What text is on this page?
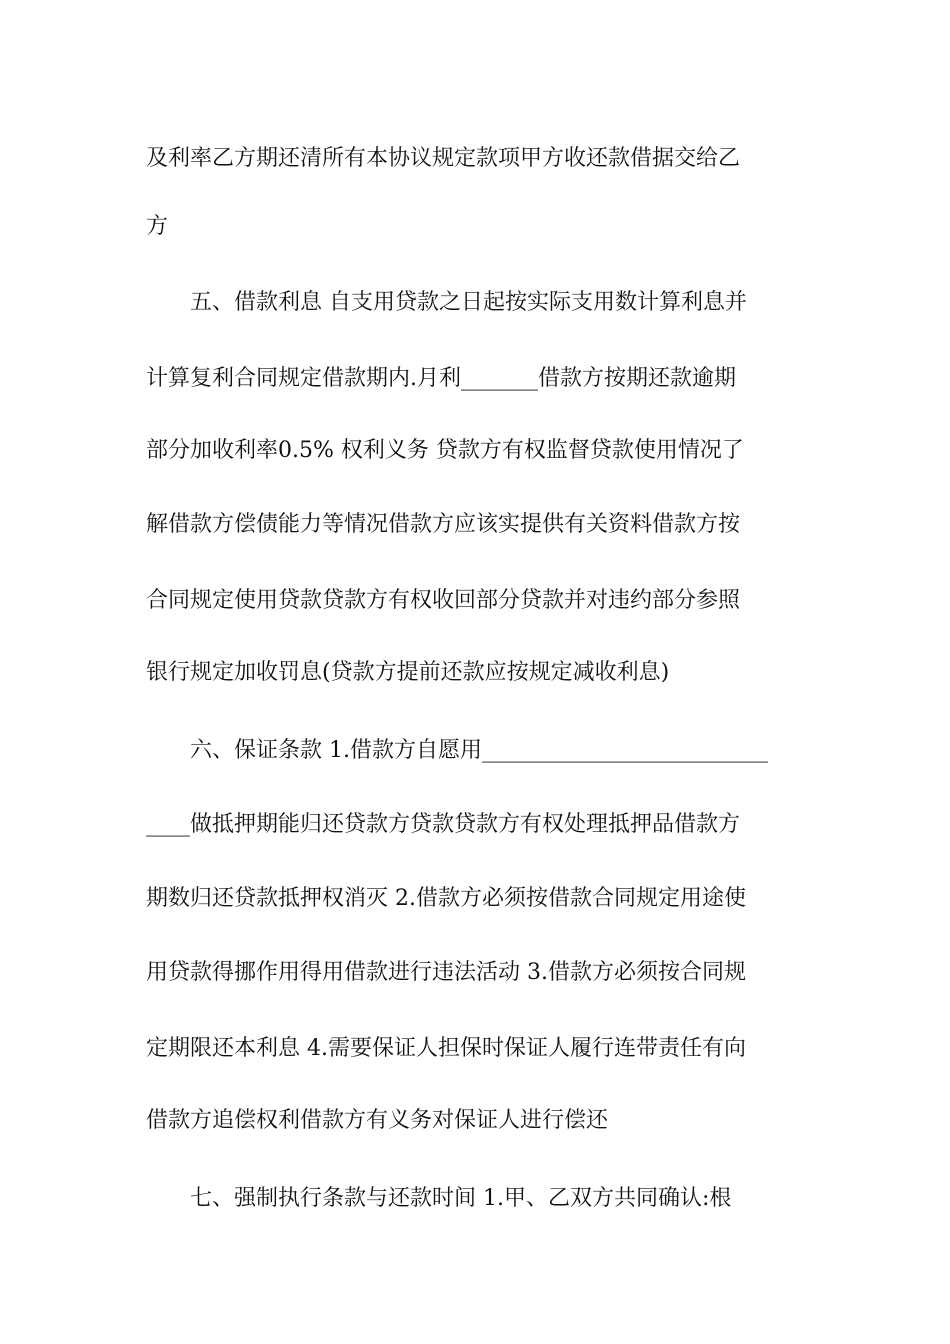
及利率乙方期还清所有本协议规定款项甲方收还款借据交给乙
方
五、借款利息 自支用贷款之日起按实际支用数计算利息并
计算复利合同规定借款期内.月利_______借款方按期还款逾期
部分加收利率0.5% 权利义务 贷款方有权监督贷款使用情况了
解借款方偿债能力等情况借款方应该实提供有关资料借款方按
合同规定使用贷款贷款方有权收回部分贷款并对违约部分参照
银行规定加收罚息(贷款方提前还款应按规定减收利息)
六、保证条款 1.借款方自愿用__________________________
____做抵押期能归还贷款方贷款贷款方有权处理抵押品借款方
期数归还贷款抵押权消灭 2.借款方必须按借款合同规定用途使
用贷款得挪作用得用借款进行违法活动 3.借款方必须按合同规
定期限还本利息 4.需要保证人担保时保证人履行连带责任有向
借款方追偿权利借款方有义务对保证人进行偿还
七、强制执行条款与还款时间 1.甲、乙双方共同确认:根
